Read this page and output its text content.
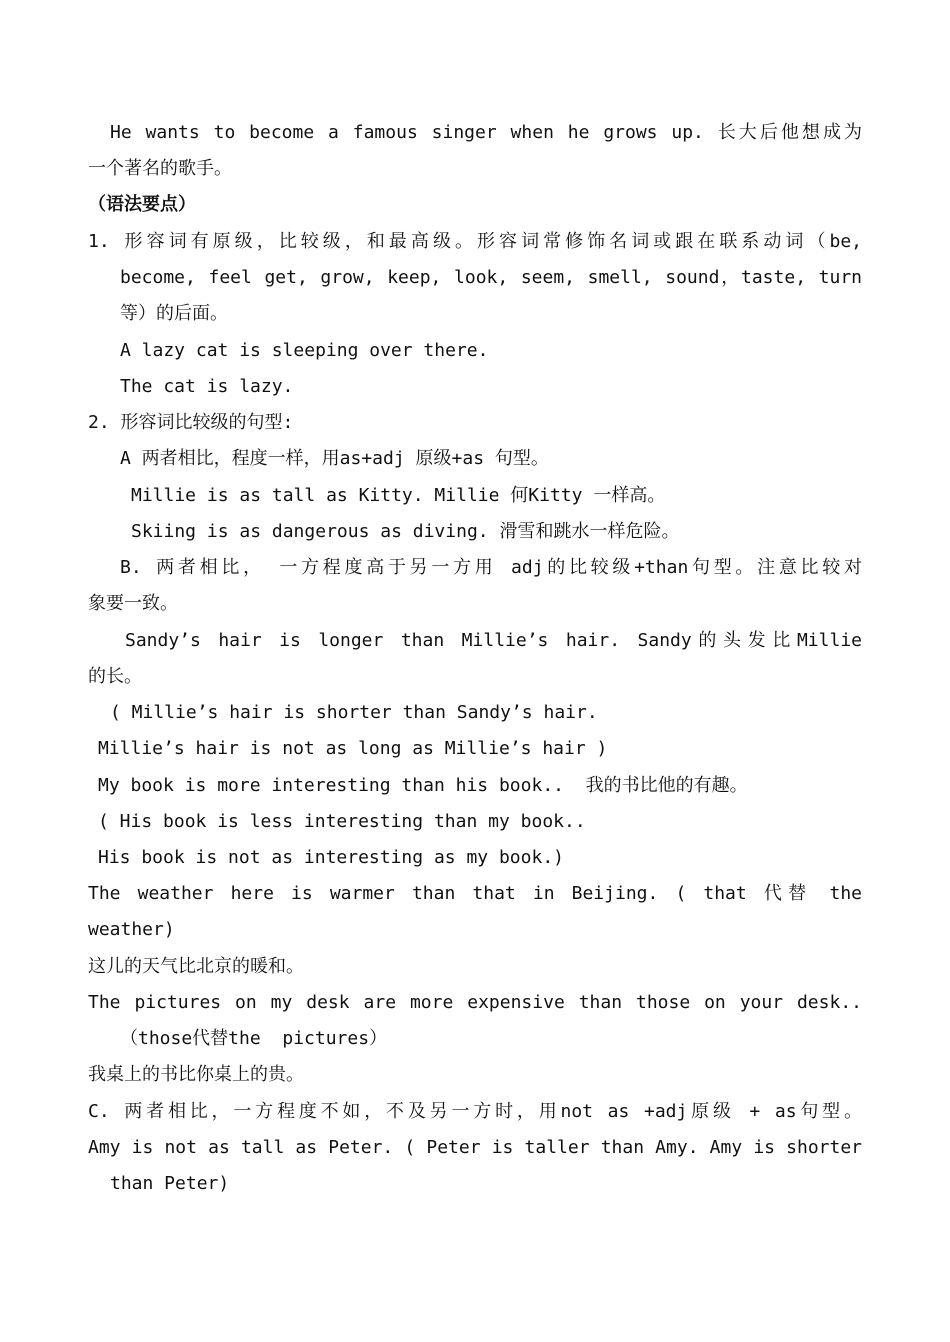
He wants to become a famous singer when he grows up. 长大后他想成为
一个著名的歌手。
（语法要点）
1. 形容词有原级，比较级，和最高级。形容词常修饰名词或跟在联系动词（be,
become, feel get, grow, keep, look, seem, smell, sound，taste, turn
等）的后面。
A lazy cat is sleeping over there.
The cat is lazy.
2. 形容词比较级的句型:
A 两者相比，程度一样，用as+adj 原级+as 句型。
Millie is as tall as Kitty. Millie 何Kitty 一样高。
Skiing is as dangerous as diving. 滑雪和跳水一样危险。
B. 两者相比， 一方程度高于另一方用 adj的比较级+than句型。注意比较对
象要一致。
Sandy’s hair is longer than Millie’s hair. Sandy的头发比Millie
的长。
( Millie’s hair is shorter than Sandy’s hair.
Millie’s hair is not as long as Millie’s hair )
My book is more interesting than his book..  我的书比他的有趣。
( His book is less interesting than my book..
His book is not as interesting as my book.)
The weather here is warmer than that in Beijing. ( that 代替 the
weather)
这儿的天气比北京的暖和。
The pictures on my desk are more expensive than those on your desk..
（those代替the  pictures）
我桌上的书比你桌上的贵。
C. 两者相比，一方程度不如，不及另一方时，用not as +adj原级 + as句型。
Amy is not as tall as Peter. ( Peter is taller than Amy. Amy is shorter
than Peter)
